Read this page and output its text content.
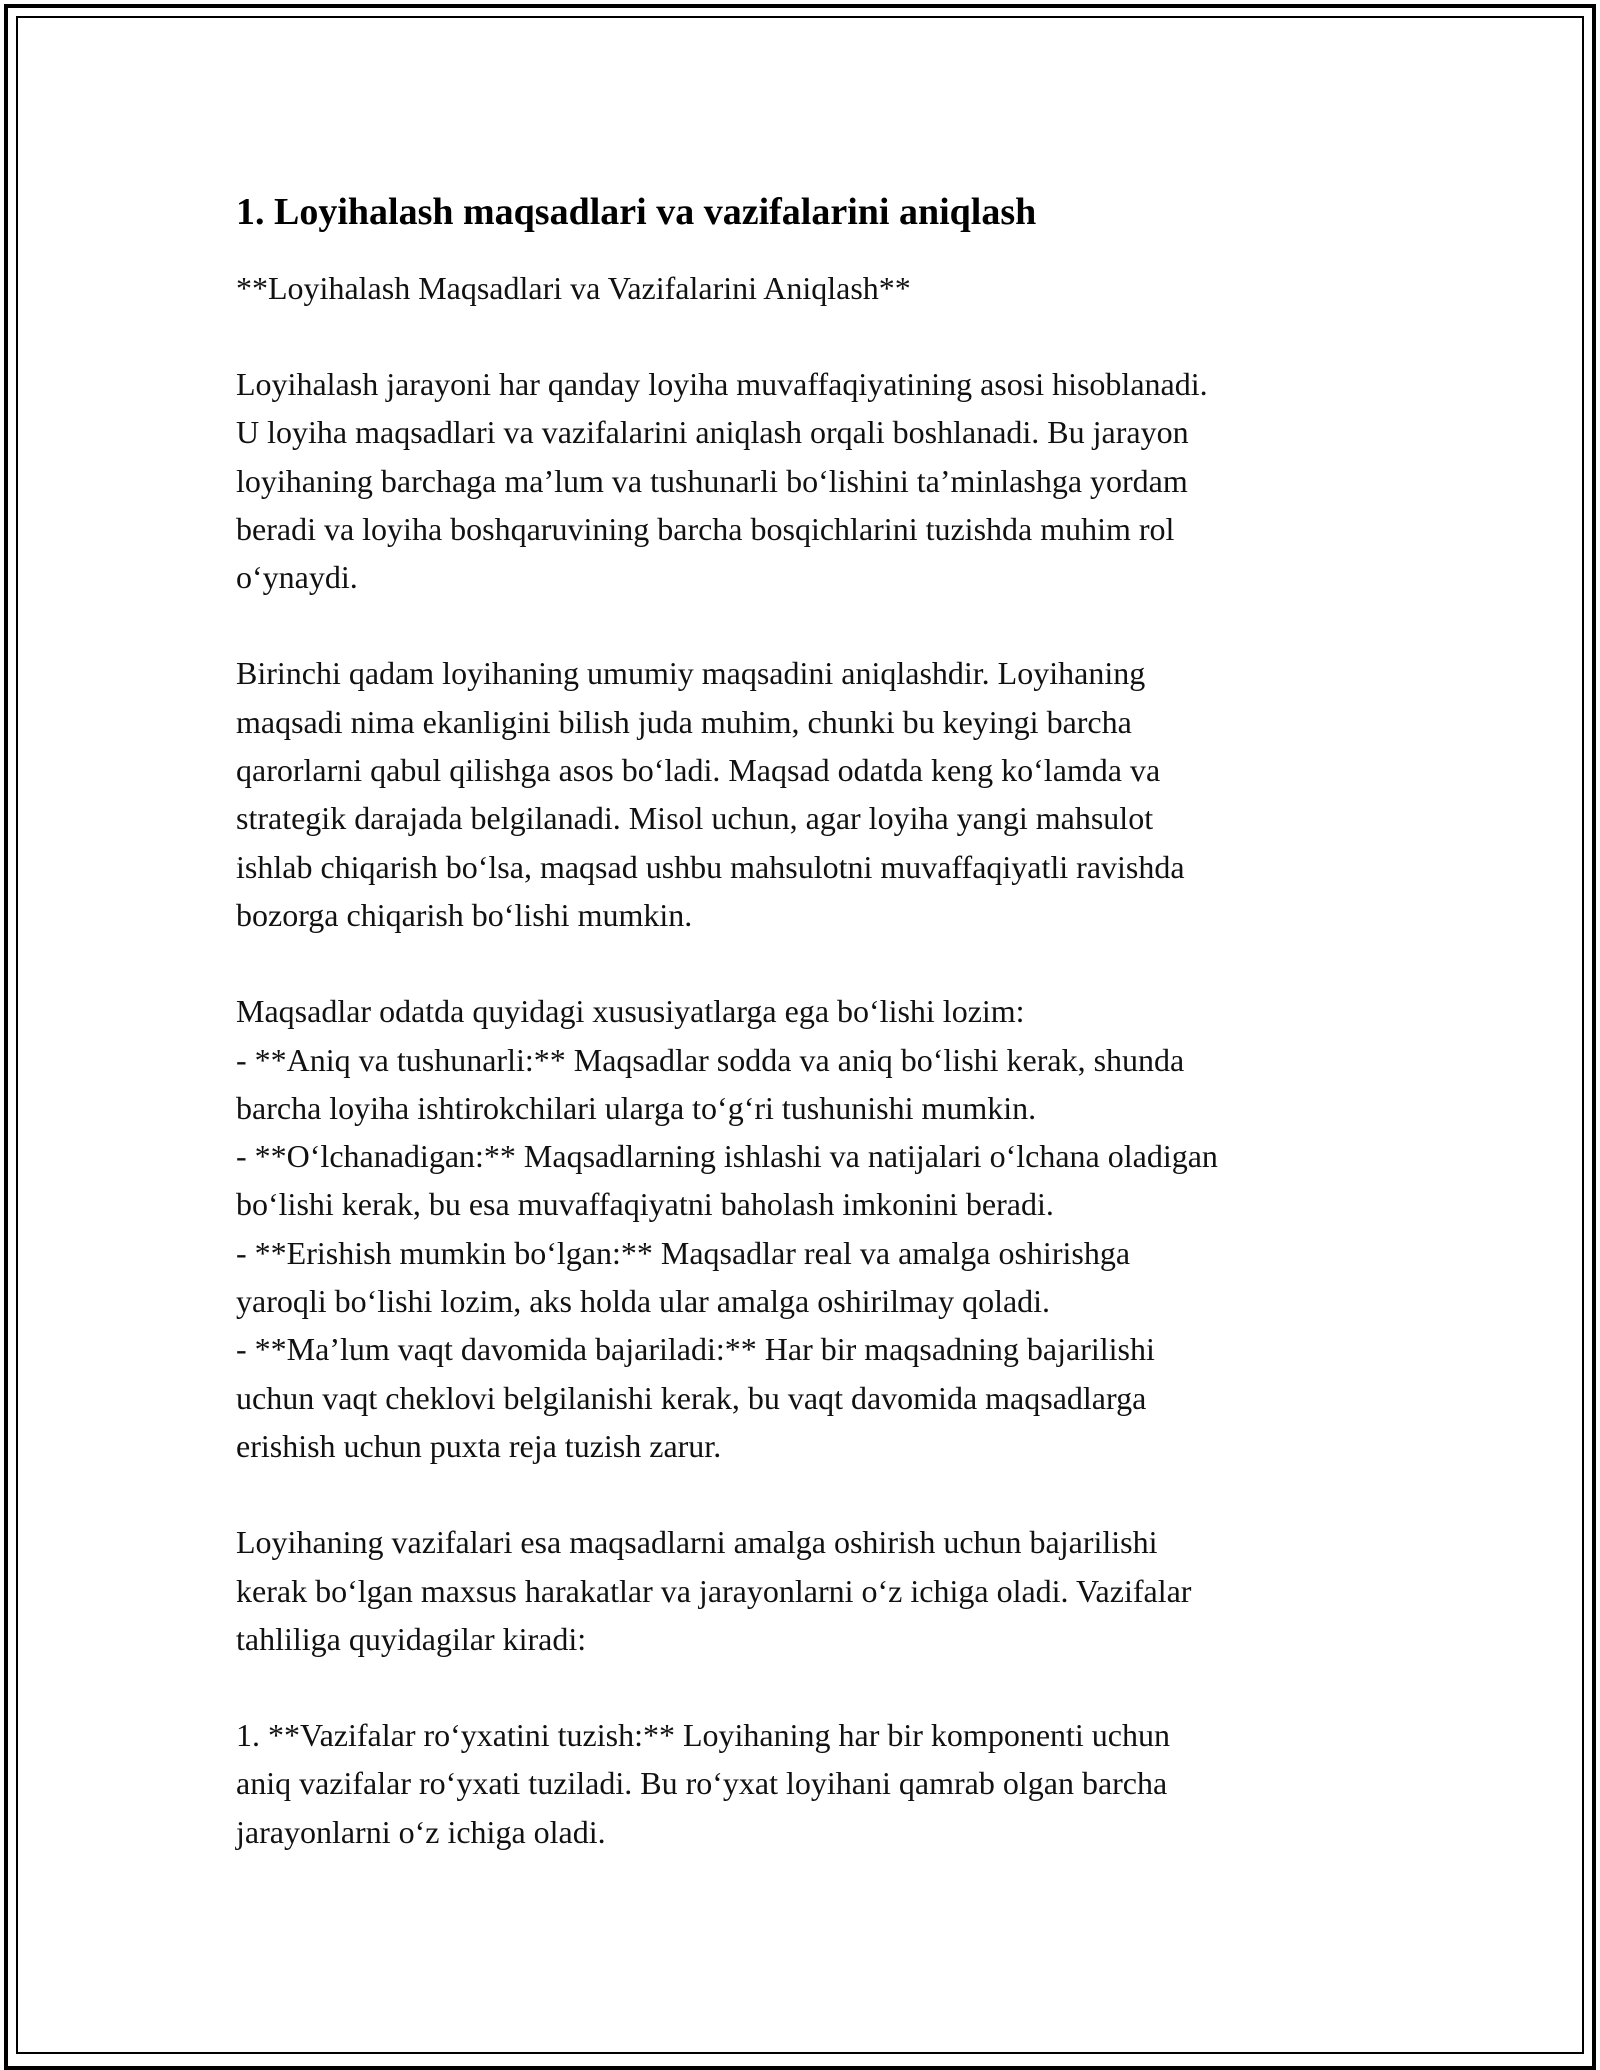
1. Loyihalash maqsadlari va vazifalarini aniqlash

**Loyihalash Maqsadlari va Vazifalarini Aniqlash**

Loyihalash jarayoni har qanday loyiha muvaffaqiyatining asosi hisoblanadi.
U loyiha maqsadlari va vazifalarini aniqlash orqali boshlanadi. Bu jarayon
loyihaning barchaga ma’lum va tushunarli bo‘lishini ta’minlashga yordam
beradi va loyiha boshqaruvining barcha bosqichlarini tuzishda muhim rol
o‘ynaydi.

Birinchi qadam loyihaning umumiy maqsadini aniqlashdir. Loyihaning
maqsadi nima ekanligini bilish juda muhim, chunki bu keyingi barcha
qarorlarni qabul qilishga asos bo‘ladi. Maqsad odatda keng ko‘lamda va
strategik darajada belgilanadi. Misol uchun, agar loyiha yangi mahsulot
ishlab chiqarish bo‘lsa, maqsad ushbu mahsulotni muvaffaqiyatli ravishda
bozorga chiqarish bo‘lishi mumkin.

Maqsadlar odatda quyidagi xususiyatlarga ega bo‘lishi lozim:
- **Aniq va tushunarli:** Maqsadlar sodda va aniq bo‘lishi kerak, shunda
barcha loyiha ishtirokchilari ularga to‘g‘ri tushunishi mumkin.
- **O‘lchanadigan:** Maqsadlarning ishlashi va natijalari o‘lchana oladigan
bo‘lishi kerak, bu esa muvaffaqiyatni baholash imkonini beradi.
- **Erishish mumkin bo‘lgan:** Maqsadlar real va amalga oshirishga
yaroqli bo‘lishi lozim, aks holda ular amalga oshirilmay qoladi.
- **Ma’lum vaqt davomida bajariladi:** Har bir maqsadning bajarilishi
uchun vaqt cheklovi belgilanishi kerak, bu vaqt davomida maqsadlarga
erishish uchun puxta reja tuzish zarur.

Loyihaning vazifalari esa maqsadlarni amalga oshirish uchun bajarilishi
kerak bo‘lgan maxsus harakatlar va jarayonlarni o‘z ichiga oladi. Vazifalar
tahliliga quyidagilar kiradi:

1. **Vazifalar ro‘yxatini tuzish:** Loyihaning har bir komponenti uchun
aniq vazifalar ro‘yxati tuziladi. Bu ro‘yxat loyihani qamrab olgan barcha
jarayonlarni o‘z ichiga oladi.
